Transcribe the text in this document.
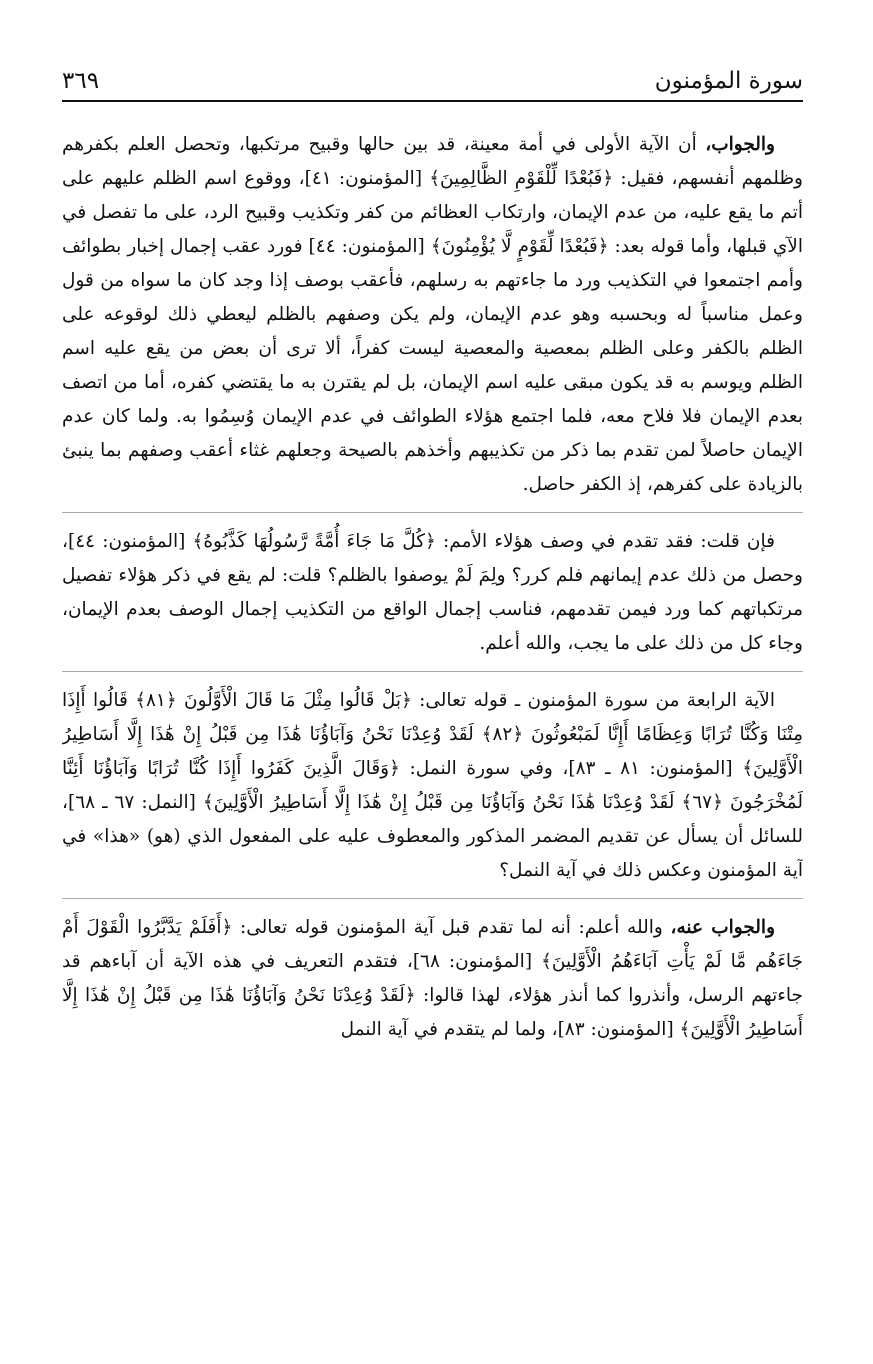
سورة المؤمنون
٣٦٩

والجواب، أن الآية الأولى في أمة معينة، قد بين حالها وقبيح مرتكبها، وتحصل العلم بكفرهم وظلمهم أنفسهم، فقيل: ﴿فَبُعْدًا لِّلْقَوْمِ الظَّالِمِينَ﴾ [المؤمنون: ٤١]، ووقوع اسم الظلم عليهم على أتم ما يقع عليه، من عدم الإيمان، وارتكاب العظائم من كفر وتكذيب وقبيح الرد، على ما تفصل في الآي قبلها، وأما قوله بعد: ﴿فَبُعْدًا لِّقَوْمٍ لَّا يُؤْمِنُونَ﴾ [المؤمنون: ٤٤] فورد عقب إجمال إخبار بطوائف وأمم اجتمعوا في التكذيب ورد ما جاءتهم به رسلهم، فأعقب بوصف إذا وجد كان ما سواه من قول وعمل مناسباً له وبحسبه وهو عدم الإيمان، ولم يكن وصفهم بالظلم ليعطي ذلك لوقوعه على الظلم بالكفر وعلى الظلم بمعصية والمعصية ليست كفراً، ألا ترى أن بعض من يقع عليه اسم الظلم ويوسم به قد يكون مبقى عليه اسم الإيمان، بل لم يقترن به ما يقتضي كفره، أما من اتصف بعدم الإيمان فلا فلاح معه، فلما اجتمع هؤلاء الطوائف في عدم الإيمان وُسِمُوا به. ولما كان عدم الإيمان حاصلاً لمن تقدم بما ذكر من تكذيبهم وأخذهم بالصيحة وجعلهم غثاء أعقب وصفهم بما ينبئ بالزيادة على كفرهم، إذ الكفر حاصل.

فإن قلت: فقد تقدم في وصف هؤلاء الأمم: ﴿كُلَّ مَا جَاءَ أُمَّةً رَّسُولُهَا كَذَّبُوهُ﴾ [المؤمنون: ٤٤]، وحصل من ذلك عدم إيمانهم فلم كرر؟ ولِمَ لَمْ يوصفوا بالظلم؟ قلت: لم يقع في ذكر هؤلاء تفصيل مرتكباتهم كما ورد فيمن تقدمهم، فناسب إجمال الواقع من التكذيب إجمال الوصف بعدم الإيمان، وجاء كل من ذلك على ما يجب، والله أعلم.

الآية الرابعة من سورة المؤمنون ـ قوله تعالى: ﴿بَلْ قَالُوا مِثْلَ مَا قَالَ الْأَوَّلُونَ ﴿٨١﴾ قَالُوا أَإِذَا مِتْنَا وَكُنَّا تُرَابًا وَعِظَامًا أَإِنَّا لَمَبْعُوثُونَ ﴿٨٢﴾ لَقَدْ وُعِدْنَا نَحْنُ وَآبَاؤُنَا هَٰذَا مِن قَبْلُ إِنْ هَٰذَا إِلَّا أَسَاطِيرُ الْأَوَّلِينَ﴾ [المؤمنون: ٨١ ـ ٨٣]، وفي سورة النمل: ﴿وَقَالَ الَّذِينَ كَفَرُوا أَإِذَا كُنَّا تُرَابًا وَآبَاؤُنَا أَئِنَّا لَمُخْرَجُونَ ﴿٦٧﴾ لَقَدْ وُعِدْنَا هَٰذَا نَحْنُ وَآبَاؤُنَا مِن قَبْلُ إِنْ هَٰذَا إِلَّا أَسَاطِيرُ الْأَوَّلِينَ﴾ [النمل: ٦٧ ـ ٦٨]، للسائل أن يسأل عن تقديم المضمر المذكور والمعطوف عليه على المفعول الذي (هو) «هذا» في آية المؤمنون وعكس ذلك في آية النمل؟

والجواب عنه، والله أعلم: أنه لما تقدم قبل آية المؤمنون قوله تعالى: ﴿أَفَلَمْ يَدَّبَّرُوا الْقَوْلَ أَمْ جَاءَهُم مَّا لَمْ يَأْتِ آبَاءَهُمُ الْأَوَّلِينَ﴾ [المؤمنون: ٦٨]، فتقدم التعريف في هذه الآية أن آباءهم قد جاءتهم الرسل، وأنذروا كما أنذر هؤلاء، لهذا قالوا: ﴿لَقَدْ وُعِدْنَا نَحْنُ وَآبَاؤُنَا هَٰذَا مِن قَبْلُ إِنْ هَٰذَا إِلَّا أَسَاطِيرُ الْأَوَّلِينَ﴾ [المؤمنون: ٨٣]، ولما لم يتقدم في آية النمل
